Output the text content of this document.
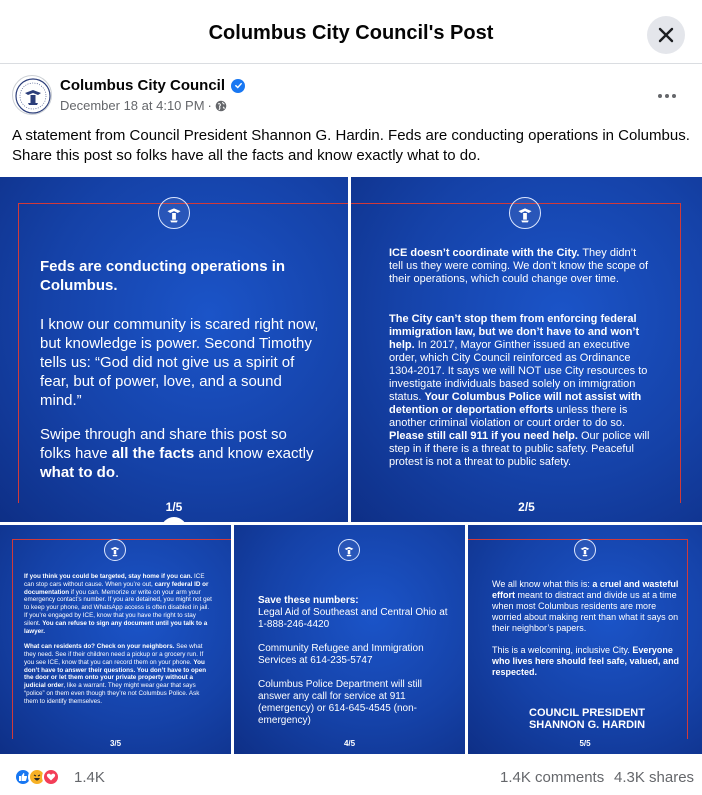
Columbus City Council's Post
Columbus City Council
December 18 at 4:10 PM ·
A statement from Council President Shannon G. Hardin. Feds are conducting operations in Columbus. Share this post so folks have all the facts and know exactly what to do.

Feds are conducting operations in Columbus.

I know our community is scared right now, but knowledge is power. Second Timothy tells us: “God did not give us a spirit of fear, but of power, love, and a sound mind.”

Swipe through and share this post so folks have all the facts and know exactly what to do.

1/5

ICE doesn’t coordinate with the City. They didn’t tell us they were coming. We don’t know the scope of their operations, which could change over time.

The City can’t stop them from enforcing federal immigration law, but we don’t have to and won’t help. In 2017, Mayor Ginther issued an executive order, which City Council reinforced as Ordinance 1304-2017. It says we will NOT use City resources to investigate individuals based solely on immigration status. Your Columbus Police will not assist with detention or deportation efforts unless there is another criminal violation or court order to do so. Please still call 911 if you need help. Our police will step in if there is a threat to public safety. Peaceful protest is not a threat to public safety.

2/5

If you think you could be targeted, stay home if you can. ICE can stop cars without cause. When you’re out, carry federal ID or documentation if you can. Memorize or write on your arm your emergency contact’s number. If you are detained, you might not get to keep your phone, and WhatsApp access is often disabled in jail. If you’re engaged by ICE, know that you have the right to stay silent. You can refuse to sign any document until you talk to a lawyer.

What can residents do? Check on your neighbors. See what they need. See if their children need a pickup or a grocery run. If you see ICE, know that you can record them on your phone. You don’t have to answer their questions. You don’t have to open the door or let them onto your private property without a judicial order, like a warrant. They might wear gear that says “police” on them even though they’re not Columbus Police. Ask them to identify themselves.

3/5

Save these numbers:
Legal Aid of Southeast and Central Ohio at 1-888-246-4420

Community Refugee and Immigration Services at 614-235-5747

Columbus Police Department will still answer any call for service at 911 (emergency) or 614-645-4545 (non-emergency)

4/5

We all know what this is: a cruel and wasteful effort meant to distract and divide us at a time when most Columbus residents are more worried about making rent than what it says on their neighbor’s papers.

This is a welcoming, inclusive City. Everyone who lives here should feel safe, valued, and respected.

COUNCIL PRESIDENT
SHANNON G. HARDIN

5/5
1.4K	1.4K comments 4.3K shares
